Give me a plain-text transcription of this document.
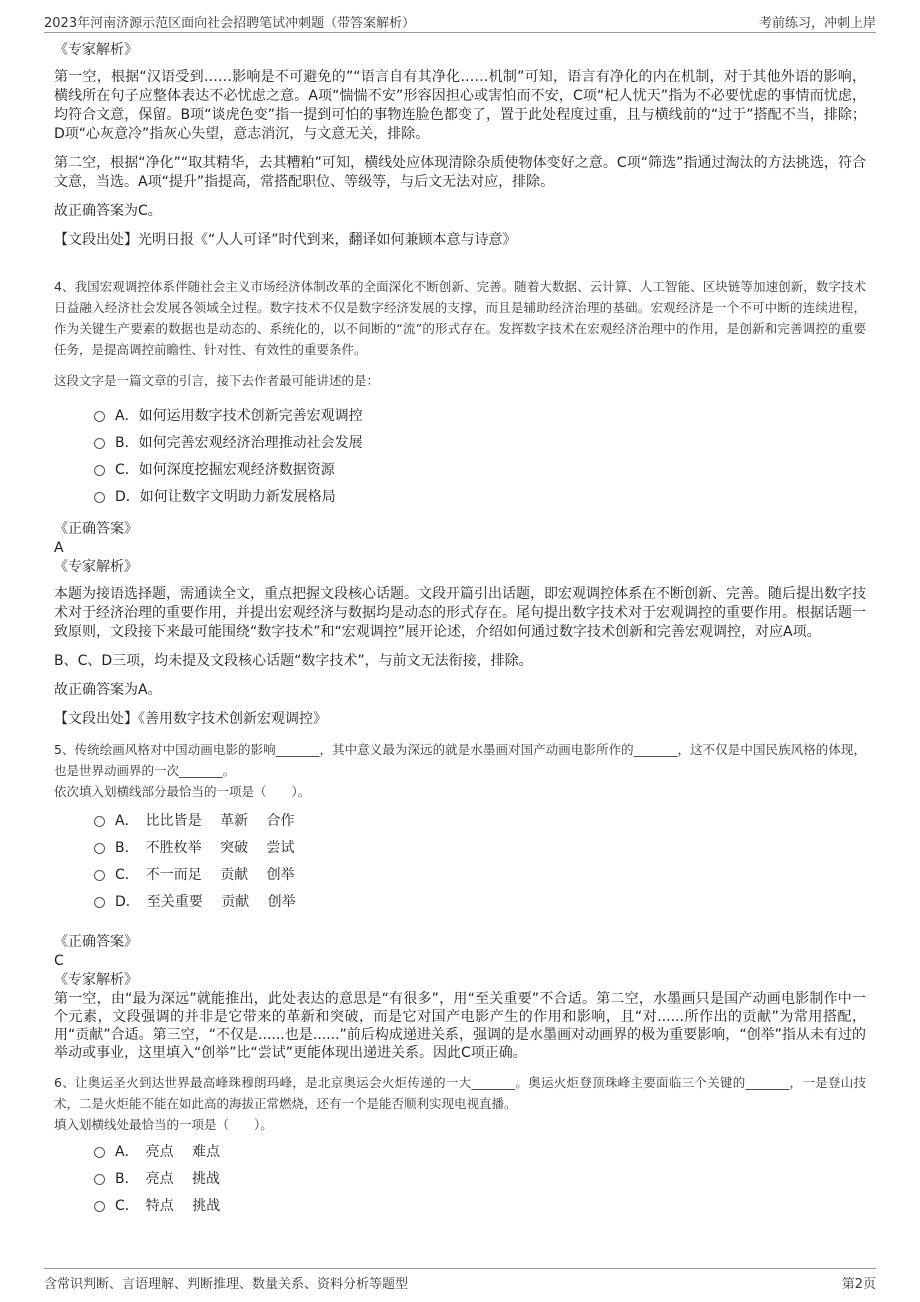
2023年河南济源示范区面向社会招聘笔试冲刺题（带答案解析）	考前练习，冲刺上岸

《专家解析》

第一空，根据“汉语受到……影响是不可避免的”“语言自有其净化……机制”可知，语言有净化的内在机制，对于其他外语的影响，横线所在句子应整体表达不必忧虑之意。A项“惴惴不安”形容因担心或害怕而不安，C项“杞人忧天”指为不必要忧虑的事情而忧虑，均符合文意，保留。B项“谈虎色变”指一提到可怕的事物连脸色都变了，置于此处程度过重，且与横线前的“过于”搭配不当，排除；D项“心灰意冷”指灰心失望，意志消沉，与文意无关，排除。

第二空，根据“净化”“取其精华，去其糟粕”可知，横线处应体现清除杂质使物体变好之意。C项“筛选”指通过淘汰的方法挑选，符合文意，当选。A项“提升”指提高，常搭配职位、等级等，与后文无法对应，排除。

故正确答案为C。

【文段出处】光明日报《“人人可译”时代到来，翻译如何兼顾本意与诗意》

4、我国宏观调控体系伴随社会主义市场经济体制改革的全面深化不断创新、完善。随着大数据、云计算、人工智能、区块链等加速创新，数字技术日益融入经济社会发展各领域全过程。数字技术不仅是数字经济发展的支撑，而且是辅助经济治理的基础。宏观经济是一个不可中断的连续进程，作为关键生产要素的数据也是动态的、系统化的，以不间断的“流”的形式存在。发挥数字技术在宏观经济治理中的作用，是创新和完善调控的重要任务，是提高调控前瞻性、针对性、有效性的重要条件。

这段文字是一篇文章的引言，接下去作者最可能讲述的是：

A．如何运用数字技术创新完善宏观调控
B．如何完善宏观经济治理推动社会发展
C．如何深度挖掘宏观经济数据资源
D．如何让数字文明助力新发展格局

《正确答案》

A

《专家解析》

本题为接语选择题，需通读全文，重点把握文段核心话题。文段开篇引出话题，即宏观调控体系在不断创新、完善。随后提出数字技术对于经济治理的重要作用，并提出宏观经济与数据均是动态的形式存在。尾句提出数字技术对于宏观调控的重要作用。根据话题一致原则，文段接下来最可能围绕“数字技术”和“宏观调控”展开论述，介绍如何通过数字技术创新和完善宏观调控，对应A项。

B、C、D三项，均未提及文段核心话题“数字技术”，与前文无法衔接，排除。

故正确答案为A。

【文段出处】《善用数字技术创新宏观调控》

5、传统绘画风格对中国动画电影的影响_______，其中意义最为深远的就是水墨画对国产动画电影所作的_______，这不仅是中国民族风格的体现，也是世界动画界的一次_______。

依次填入划横线部分最恰当的一项是（　　）。

A．　比比皆是　 革新　 合作
B．　不胜枚举　 突破　 尝试
C．　不一而足　 贡献　 创举
D．　至关重要　 贡献　 创举

《正确答案》

C

《专家解析》

第一空，由“最为深远”就能推出，此处表达的意思是“有很多”，用“至关重要”不合适。第二空，水墨画只是国产动画电影制作中一个元素，文段强调的并非是它带来的革新和突破，而是它对国产电影产生的作用和影响，且“对......所作出的贡献”为常用搭配，用“贡献”合适。第三空，“不仅是......也是......”前后构成递进关系，强调的是水墨画对动画界的极为重要影响，“创举”指从未有过的举动或事业，这里填入“创举”比“尝试”更能体现出递进关系。因此C项正确。

6、让奥运圣火到达世界最高峰珠穆朗玛峰，是北京奥运会火炬传递的一大_______。奥运火炬登顶珠峰主要面临三个关键的_______，一是登山技术，二是火炬能不能在如此高的海拔正常燃烧，还有一个是能否顺利实现电视直播。

填入划横线处最恰当的一项是（　　）。

A．　亮点　 难点
B．　亮点　 挑战
C．　特点　 挑战
含常识判断、言语理解、判断推理、数量关系、资料分析等题型	第2页
